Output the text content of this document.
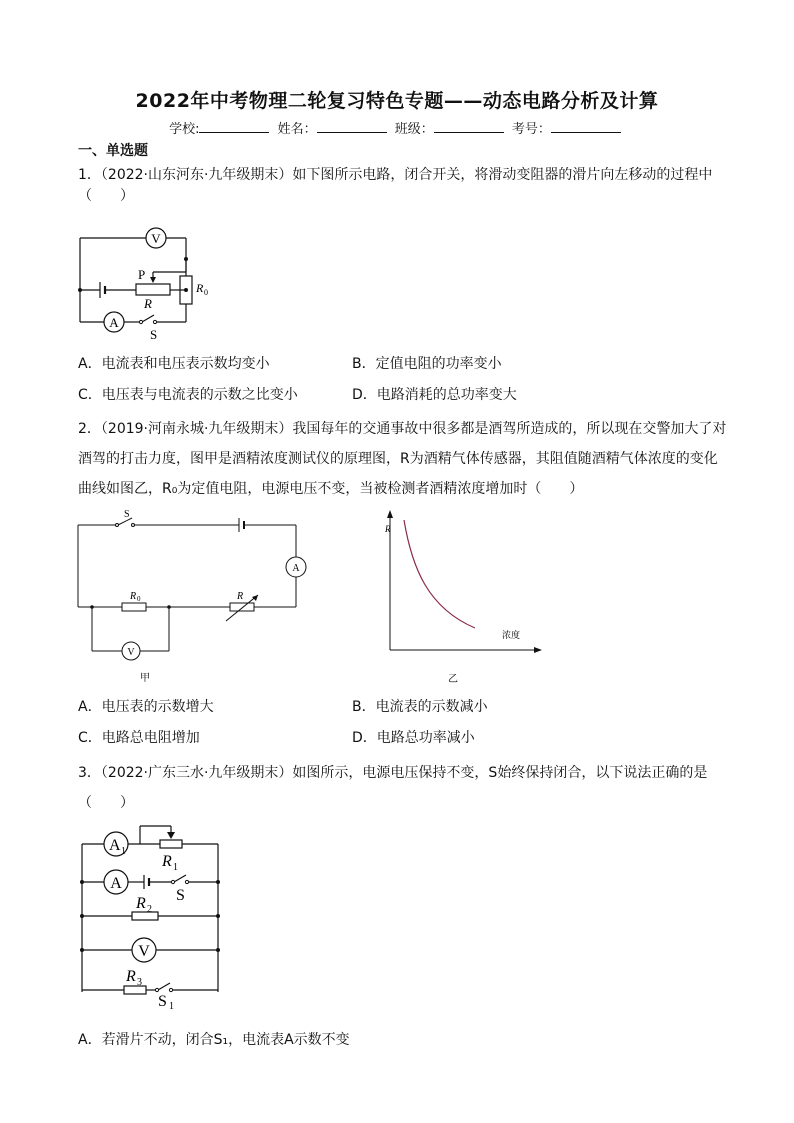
2022年中考物理二轮复习特色专题——动态电路分析及计算
学校:	姓名：	班级：	考号：
一、单选题
1．（2022·山东河东·九年级期末）如下图所示电路，闭合开关，将滑动变阻器的滑片向左移动的过程中
（　　）
V
A
P
R
R 0
S
A．电流表和电压表示数均变小	B．定值电阻的功率变小
C．电压表与电流表的示数之比变小	D．电路消耗的总功率变大
2．（2019·河南永城·九年级期末）我国每年的交通事故中很多都是酒驾所造成的，所以现在交警加大了对
酒驾的打击力度，图甲是酒精浓度测试仪的原理图，R为酒精气体传感器，其阻值随酒精气体浓度的变化
曲线如图乙，R₀为定值电阻，电源电压不变，当被检测者酒精浓度增加时（　　）
S
A
V
R 0	R
甲
R
浓度
乙
A．电压表的示数增大	B．电流表的示数减小
C．电路总电阻增加	D．电路总功率减小
3．（2022·广东三水·九年级期末）如图所示，电源电压保持不变，S始终保持闭合，以下说法正确的是
（　　）
A 1
R 1
A
S
R 2
V
R 3
S 1
A．若滑片不动，闭合S₁，电流表A示数不变
